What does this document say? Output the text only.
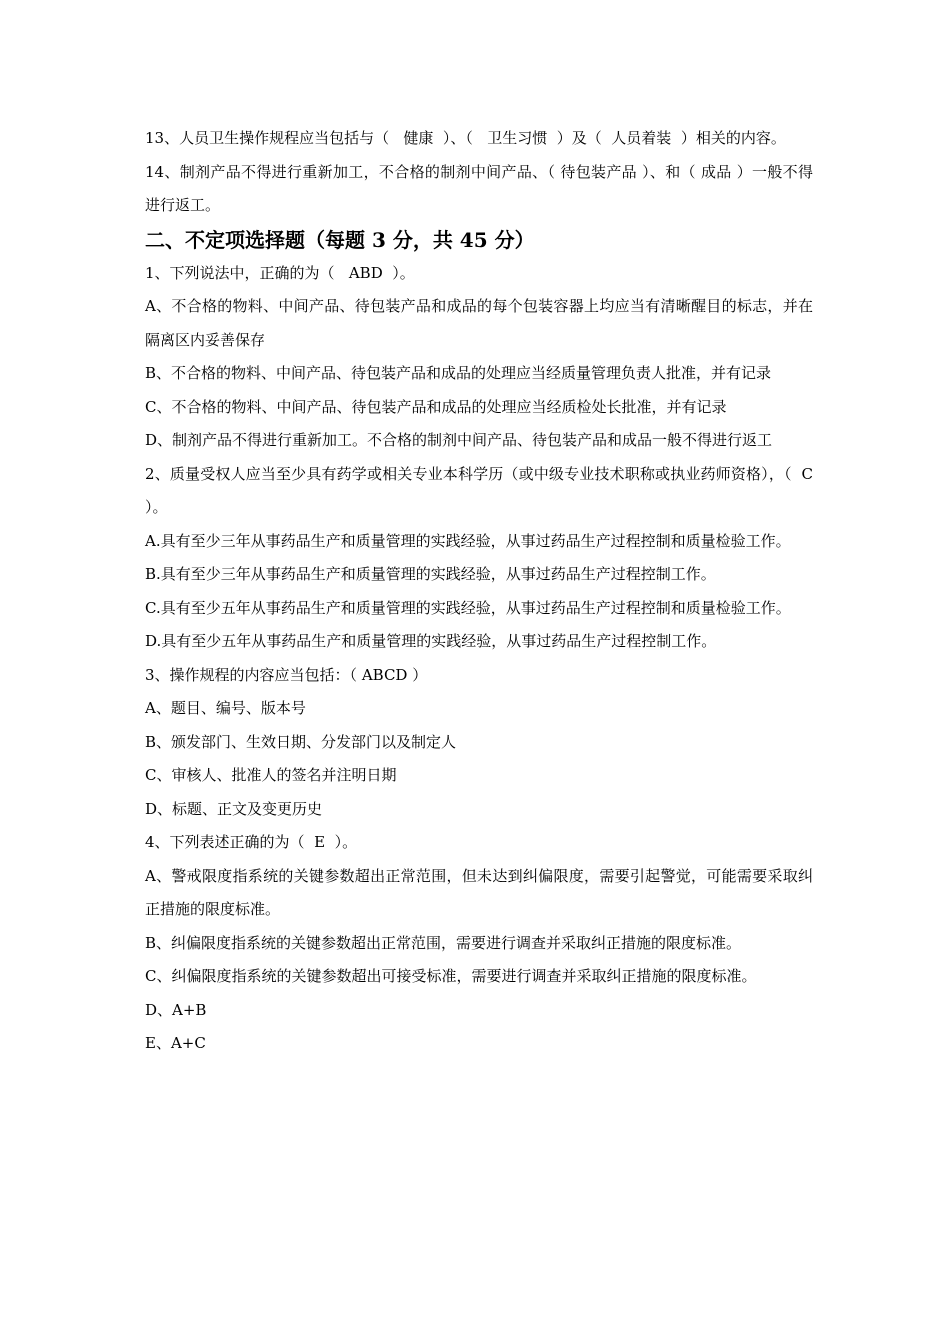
13、人员卫生操作规程应当包括与（   健康  ）、（   卫生习惯  ）及（  人员着装  ）相关的内容。

14、制剂产品不得进行重新加工，不合格的制剂中间产品、（ 待包装产品 ）、和（ 成品 ）一般不得进行返工。

二、不定项选择题（每题 3 分，共 45 分）

1、下列说法中，正确的为（   ABD  ）。

A、不合格的物料、中间产品、待包装产品和成品的每个包装容器上均应当有清晰醒目的标志，并在隔离区内妥善保存

B、不合格的物料、中间产品、待包装产品和成品的处理应当经质量管理负责人批准，并有记录

C、不合格的物料、中间产品、待包装产品和成品的处理应当经质检处长批准，并有记录

D、制剂产品不得进行重新加工。不合格的制剂中间产品、待包装产品和成品一般不得进行返工

2、质量受权人应当至少具有药学或相关专业本科学历（或中级专业技术职称或执业药师资格），（  C  ）。

A.具有至少三年从事药品生产和质量管理的实践经验，从事过药品生产过程控制和质量检验工作。

B.具有至少三年从事药品生产和质量管理的实践经验，从事过药品生产过程控制工作。

C.具有至少五年从事药品生产和质量管理的实践经验，从事过药品生产过程控制和质量检验工作。

D.具有至少五年从事药品生产和质量管理的实践经验，从事过药品生产过程控制工作。

3、操作规程的内容应当包括：（ ABCD ）

A、题目、编号、版本号

B、颁发部门、生效日期、分发部门以及制定人

C、审核人、批准人的签名并注明日期

D、标题、正文及变更历史

4、下列表述正确的为（  E  ）。

A、警戒限度指系统的关键参数超出正常范围，但未达到纠偏限度，需要引起警觉，可能需要采取纠正措施的限度标准。

B、纠偏限度指系统的关键参数超出正常范围，需要进行调查并采取纠正措施的限度标准。

C、纠偏限度指系统的关键参数超出可接受标准，需要进行调查并采取纠正措施的限度标准。

D、A+B

E、A+C
